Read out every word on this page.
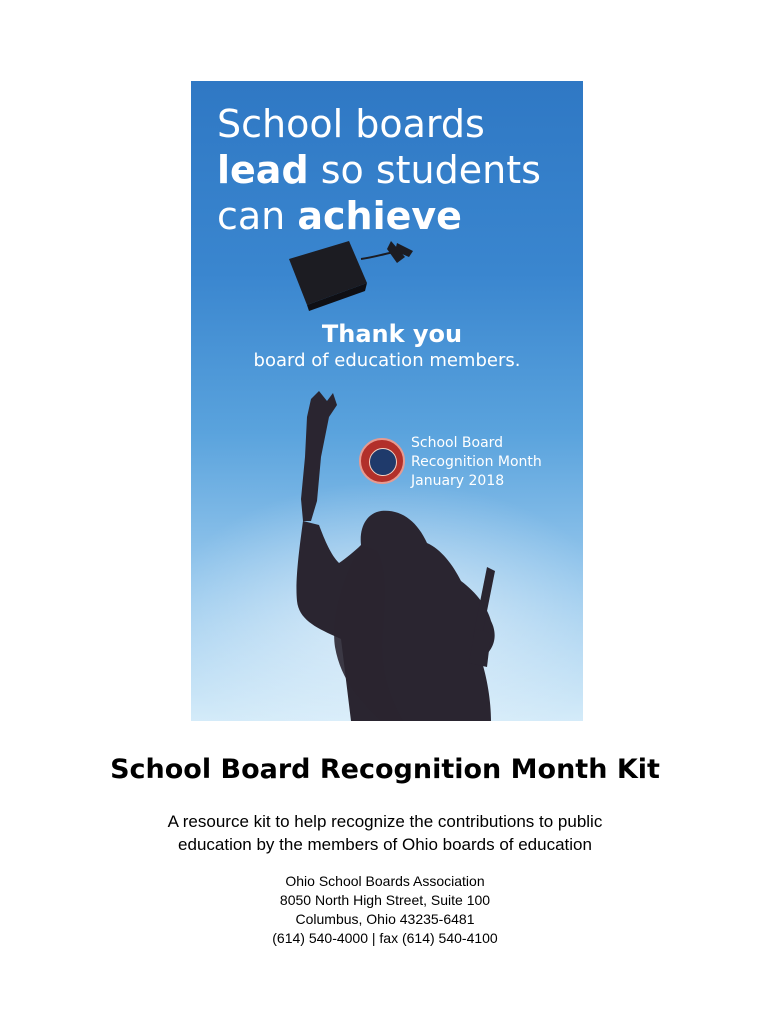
School boards
lead so students
can achieve
Thank you
board of education members.
School Board
Recognition Month
January 2018
School Board Recognition Month Kit
A resource kit to help recognize the contributions to public
education by the members of Ohio boards of education
Ohio School Boards Association
8050 North High Street, Suite 100
Columbus, Ohio 43235-6481
(614) 540-4000 | fax (614) 540-4100
